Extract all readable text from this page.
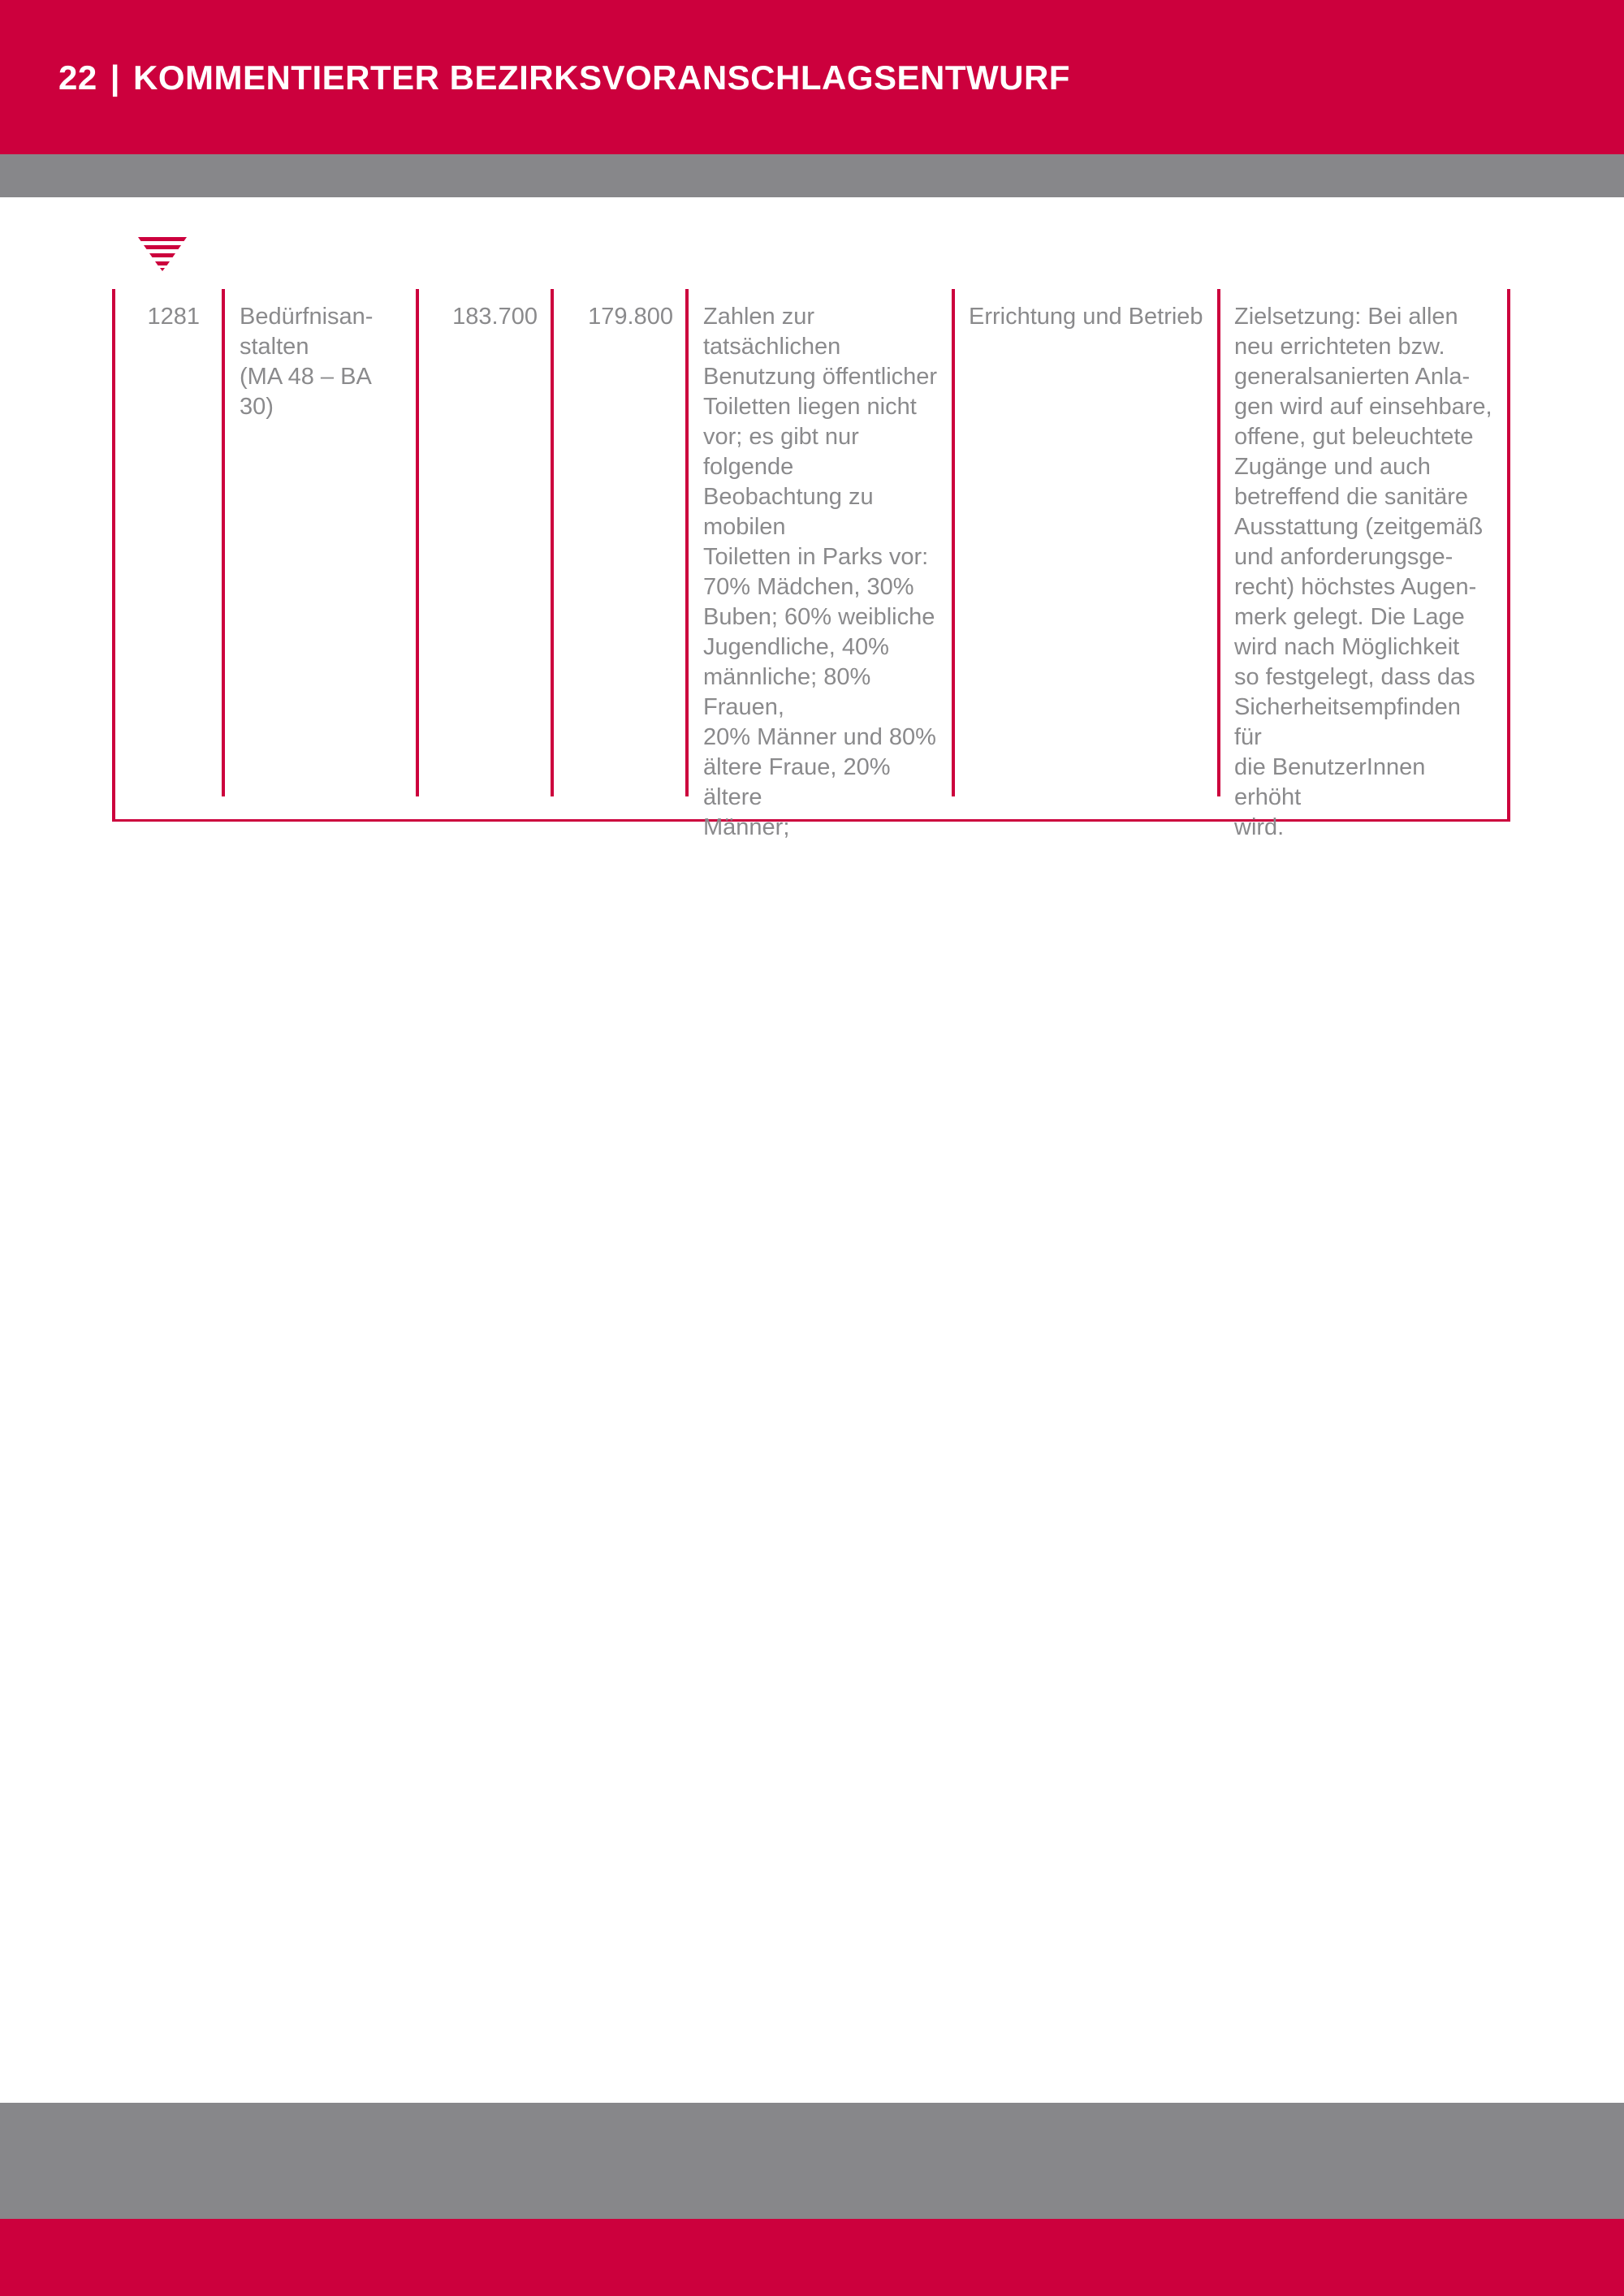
22 | KOMMENTIERTER BEZIRKSVORANSCHLAGSENTWURF

1281 Bedürfnisan-
stalten
(MA 48 – BA 30)

183.700	179.800 Zahlen zur tatsächlichen
Benutzung öffentlicher
Toiletten liegen nicht
vor; es gibt nur folgende
Beobachtung zu mobilen
Toiletten in Parks vor:
70% Mädchen, 30%
Buben; 60% weibliche
Jugendliche, 40%
männliche; 80% Frauen,
20% Männer und 80%
ältere Fraue, 20% ältere
Männer;

Errichtung und Betrieb	Zielsetzung: Bei allen
neu errichteten bzw.
generalsanierten Anla-
gen wird auf einsehbare,
offene, gut beleuchtete
Zugänge und auch
betreffend die sanitäre
Ausstattung (zeitgemäß
und anforderungsge-
recht) höchstes Augen-
merk gelegt. Die Lage
wird nach Möglichkeit
so festgelegt, dass das
Sicherheitsempfinden für
die BenutzerInnen erhöht
wird.
